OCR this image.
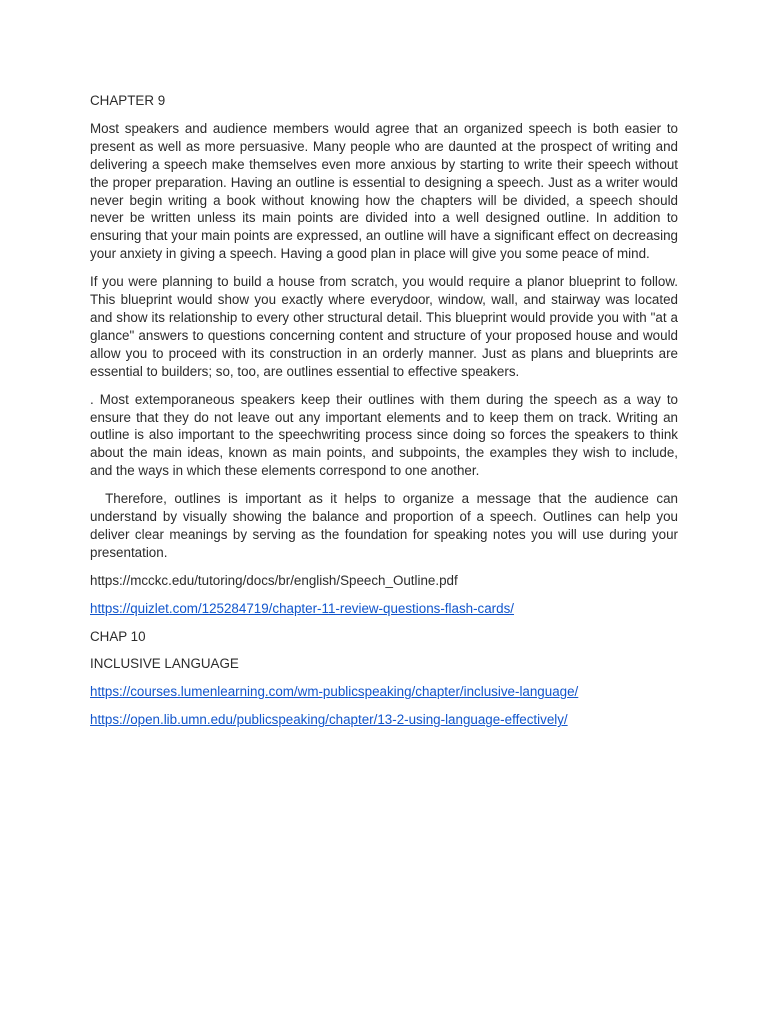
CHAPTER 9

Most speakers and audience members would agree that an organized speech is both easier to present as well as more persuasive. Many people who are daunted at the prospect of writing and delivering a speech make themselves even more anxious by starting to write their speech without the proper preparation. Having an outline is essential to designing a speech. Just as a writer would never begin writing a book without knowing how the chapters will be divided, a speech should never be written unless its main points are divided into a well designed outline. In addition to ensuring that your main points are expressed, an outline will have a significant effect on decreasing your anxiety in giving a speech. Having a good plan in place will give you some peace of mind.

If you were planning to build a house from scratch, you would require a planor blueprint to follow. This blueprint would show you exactly where everydoor, window, wall, and stairway was located and show its relationship to every other structural detail. This blueprint would provide you with "at a glance" answers to questions concerning content and structure of your proposed house and would allow you to proceed with its construction in an orderly manner. Just as plans and blueprints are essential to builders; so, too, are outlines essential to effective speakers.

. Most extemporaneous speakers keep their outlines with them during the speech as a way to ensure that they do not leave out any important elements and to keep them on track. Writing an outline is also important to the speechwriting process since doing so forces the speakers to think about the main ideas, known as main points, and subpoints, the examples they wish to include, and the ways in which these elements correspond to one another.

Therefore, outlines is important as it helps to organize a message that the audience can understand by visually showing the balance and proportion of a speech. Outlines can help you deliver clear meanings by serving as the foundation for speaking notes you will use during your presentation.

https://mcckc.edu/tutoring/docs/br/english/Speech_Outline.pdf

https://quizlet.com/125284719/chapter-11-review-questions-flash-cards/

CHAP 10

INCLUSIVE LANGUAGE

https://courses.lumenlearning.com/wm-publicspeaking/chapter/inclusive-language/

https://open.lib.umn.edu/publicspeaking/chapter/13-2-using-language-effectively/
